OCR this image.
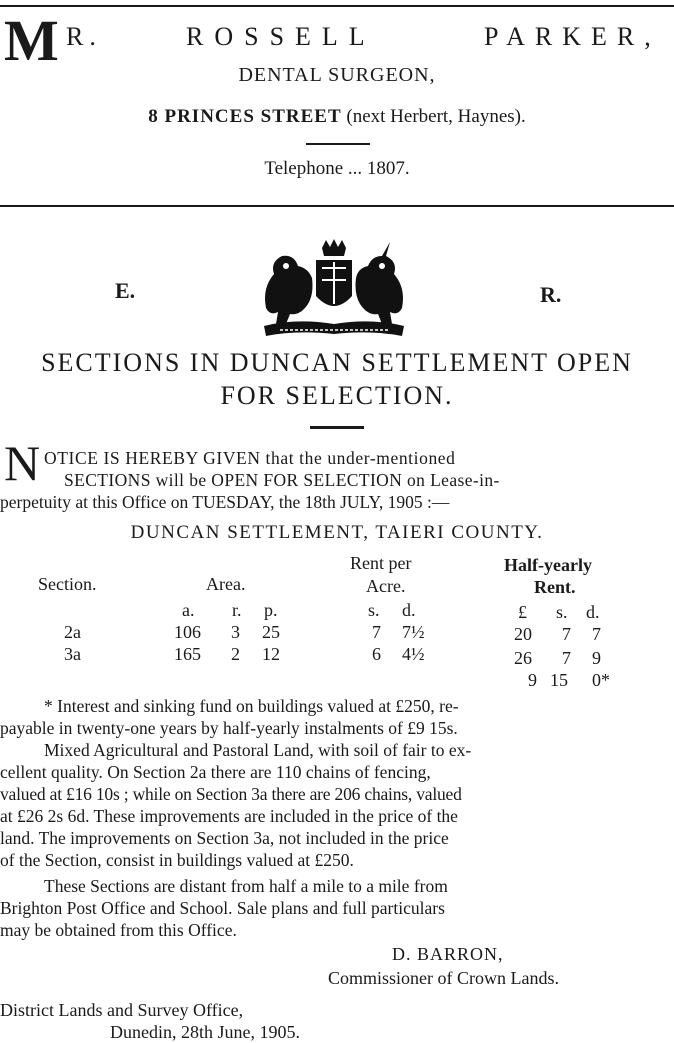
M R.	ROSSELL	PARKER,
DENTAL SURGEON,
8 PRINCES STREET (next Herbert, Haynes).
Telephone ... 1807.
E.	R.
SECTIONS IN DUNCAN SETTLEMENT OPEN
FOR SELECTION.
N OTICE IS HEREBY GIVEN that the under-mentioned
SECTIONS will be OPEN FOR SELECTION on Lease-in-
perpetuity at this Office on TUESDAY, the 18th JULY, 1905 :—
DUNCAN SETTLEMENT, TAIERI COUNTY.
Section.	Area.
Rent per
Acre.
Half-yearly
Rent.
a. r. p.	s. d.	£ s. d.
2a	106 3 25	7 7½	20 7 7
3a	165 2 12	6 4½	26 7 9
9 15 0*
* Interest and sinking fund on buildings valued at £250, re-
payable in twenty-one years by half-yearly instalments of £9 15s.
Mixed Agricultural and Pastoral Land, with soil of fair to ex-
cellent quality. On Section 2a there are 110 chains of fencing,
valued at £16 10s ; while on Section 3a there are 206 chains, valued
at £26 2s 6d. These improvements are included in the price of the
land. The improvements on Section 3a, not included in the price
of the Section, consist in buildings valued at £250.
These Sections are distant from half a mile to a mile from
Brighton Post Office and School. Sale plans and full particulars
may be obtained from this Office.
D. BARRON,
Commissioner of Crown Lands.
District Lands and Survey Office,
Dunedin, 28th June, 1905.
